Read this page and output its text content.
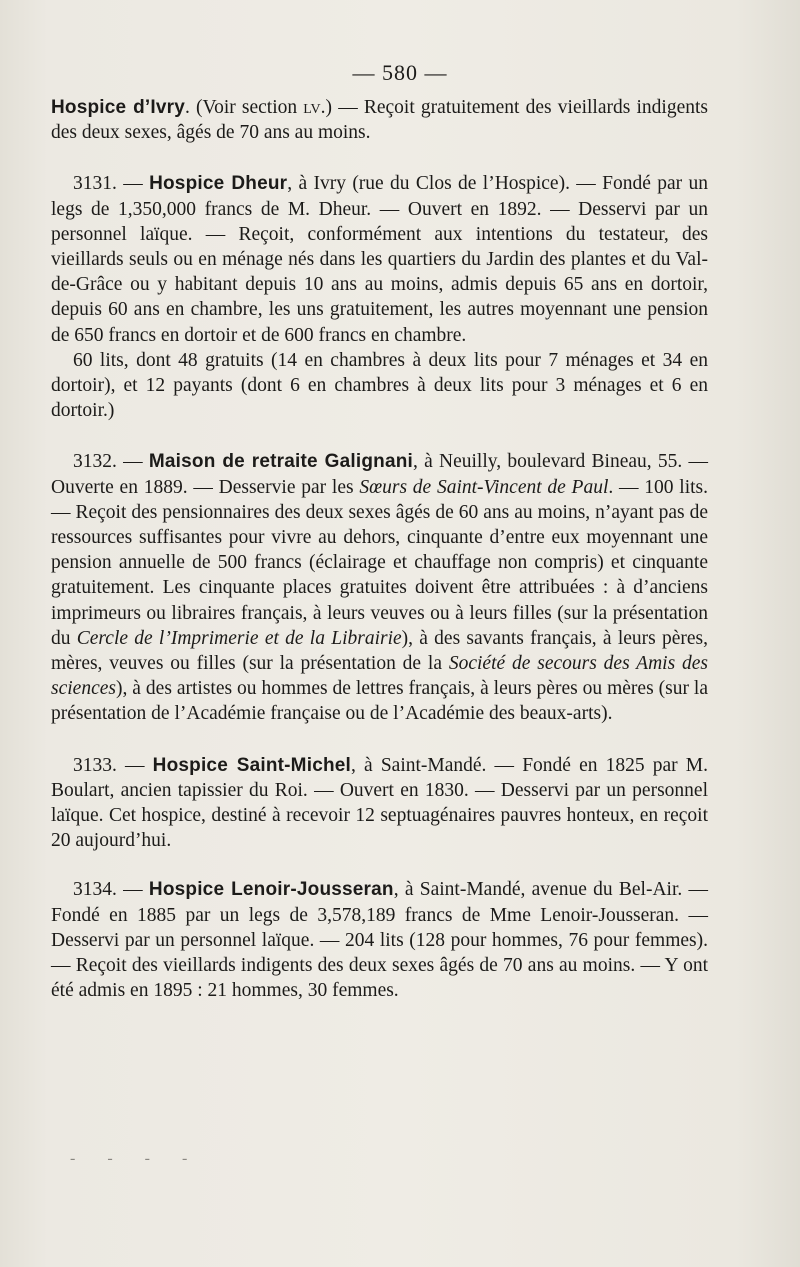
— 580 —

Hospice d’Ivry. (Voir section lv.) — Reçoit gratuitement des vieillards indigents des deux sexes, âgés de 70 ans au moins.

3131. — Hospice Dheur, à Ivry (rue du Clos de l’Hospice). — Fondé par un legs de 1,350,000 francs de M. Dheur. — Ouvert en 1892. — Desservi par un personnel laïque. — Reçoit, conformément aux intentions du testateur, des vieillards seuls ou en ménage nés dans les quartiers du Jardin des plantes et du Val-de-Grâce ou y habitant depuis 10 ans au moins, admis depuis 65 ans en dortoir, depuis 60 ans en chambre, les uns gratuitement, les autres moyennant une pension de 650 francs en dortoir et de 600 francs en chambre.

60 lits, dont 48 gratuits (14 en chambres à deux lits pour 7 ménages et 34 en dortoir), et 12 payants (dont 6 en chambres à deux lits pour 3 ménages et 6 en dortoir.)

3132. — Maison de retraite Galignani, à Neuilly, boulevard Bineau, 55. — Ouverte en 1889. — Desservie par les Sœurs de Saint-Vincent de Paul. — 100 lits. — Reçoit des pensionnaires des deux sexes âgés de 60 ans au moins, n’ayant pas de ressources suffisantes pour vivre au dehors, cinquante d’entre eux moyennant une pension annuelle de 500 francs (éclairage et chauffage non compris) et cinquante gratuitement. Les cinquante places gratuites doivent être attribuées : à d’anciens imprimeurs ou libraires français, à leurs veuves ou à leurs filles (sur la présentation du Cercle de l’Imprimerie et de la Librairie), à des savants français, à leurs pères, mères, veuves ou filles (sur la présentation de la Société de secours des Amis des sciences), à des artistes ou hommes de lettres français, à leurs pères ou mères (sur la présentation de l’Académie française ou de l’Académie des beaux-arts).

3133. — Hospice Saint-Michel, à Saint-Mandé. — Fondé en 1825 par M. Boulart, ancien tapissier du Roi. — Ouvert en 1830. — Desservi par un personnel laïque. Cet hospice, destiné à recevoir 12 septuagénaires pauvres honteux, en reçoit 20 aujourd’hui.

3134. — Hospice Lenoir-Jousseran, à Saint-Mandé, avenue du Bel-Air. — Fondé en 1885 par un legs de 3,578,189 francs de Mme Lenoir-Jousseran. — Desservi par un personnel laïque. — 204 lits (128 pour hommes, 76 pour femmes). — Reçoit des vieillards indigents des deux sexes âgés de 70 ans au moins. — Y ont été admis en 1895 : 21 hommes, 30 femmes.

- - - -
